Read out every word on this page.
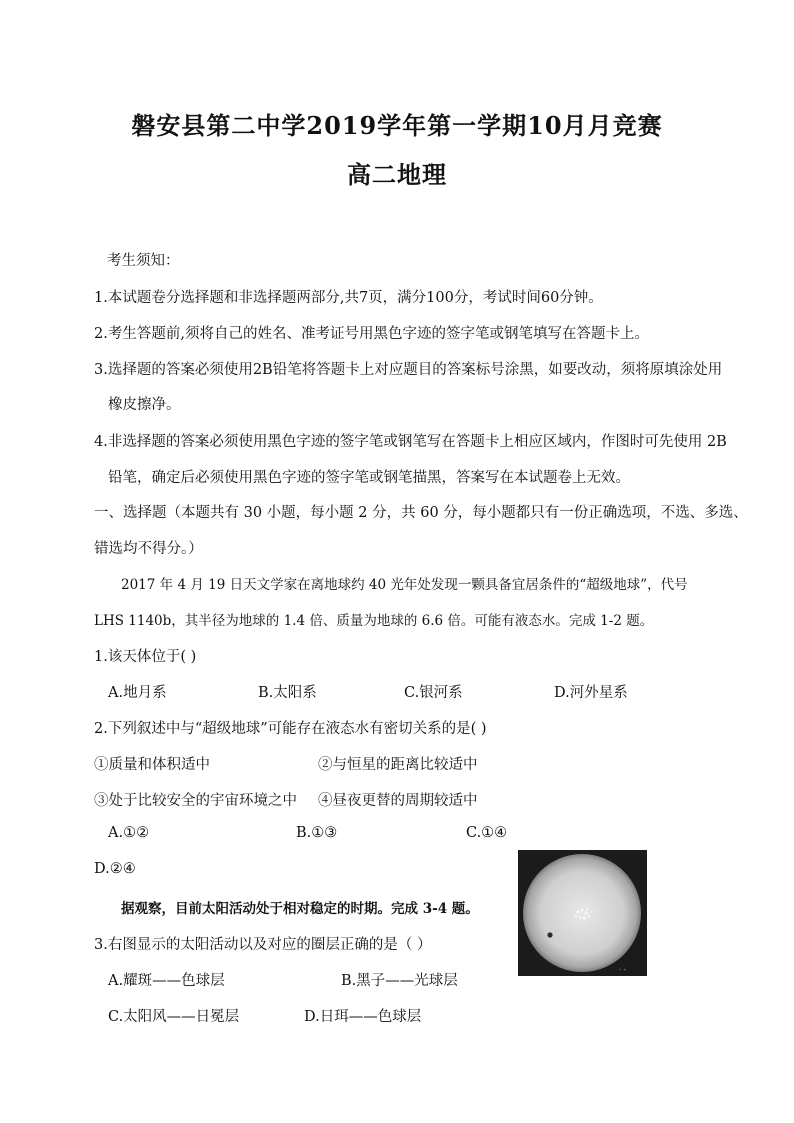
磐安县第二中学2019学年第一学期10月月竞赛
高二地理
考生须知：
1.本试题卷分选择题和非选择题两部分,共7页，满分100分，考试时间60分钟。
2.考生答题前,须将自己的姓名、准考证号用黑色字迹的签字笔或钢笔填写在答题卡上。
3.选择题的答案必须使用2B铅笔将答题卡上对应题目的答案标号涂黑，如要改动，须将原填涂处用
橡皮擦净。
4.非选择题的答案必须使用黑色字迹的签字笔或钢笔写在答题卡上相应区域内，作图时可先使用 2B
铅笔，确定后必须使用黑色字迹的签字笔或钢笔描黑，答案写在本试题卷上无效。
一、选择题（本题共有 30 小题，每小题 2 分，共 60 分，每小题都只有一份正确选项，不选、多选、
错选均不得分。）
2017 年 4 月 19 日天文学家在离地球约 40 光年处发现一颗具备宜居条件的“超级地球”，代号
LHS 1140b，其半径为地球的 1.4 倍、质量为地球的 6.6 倍。可能有液态水。完成 1-2 题。
1.该天体位于( )
A.地月系	B.太阳系	C.银河系	D.河外星系
2.下列叙述中与“超级地球”可能存在液态水有密切关系的是( )
①质量和体积适中	②与恒星的距离比较适中
③处于比较安全的宇宙环境之中 ④昼夜更替的周期较适中
A.①②	B.①③	C.①④
D.②④
据观察，目前太阳活动处于相对稳定的时期。完成 3-4 题。
3.右图显示的太阳活动以及对应的圈层正确的是（ ）
A.耀斑——色球层	B.黑子——光球层
C.太阳风——日冕层	D.日珥——色球层
· -
